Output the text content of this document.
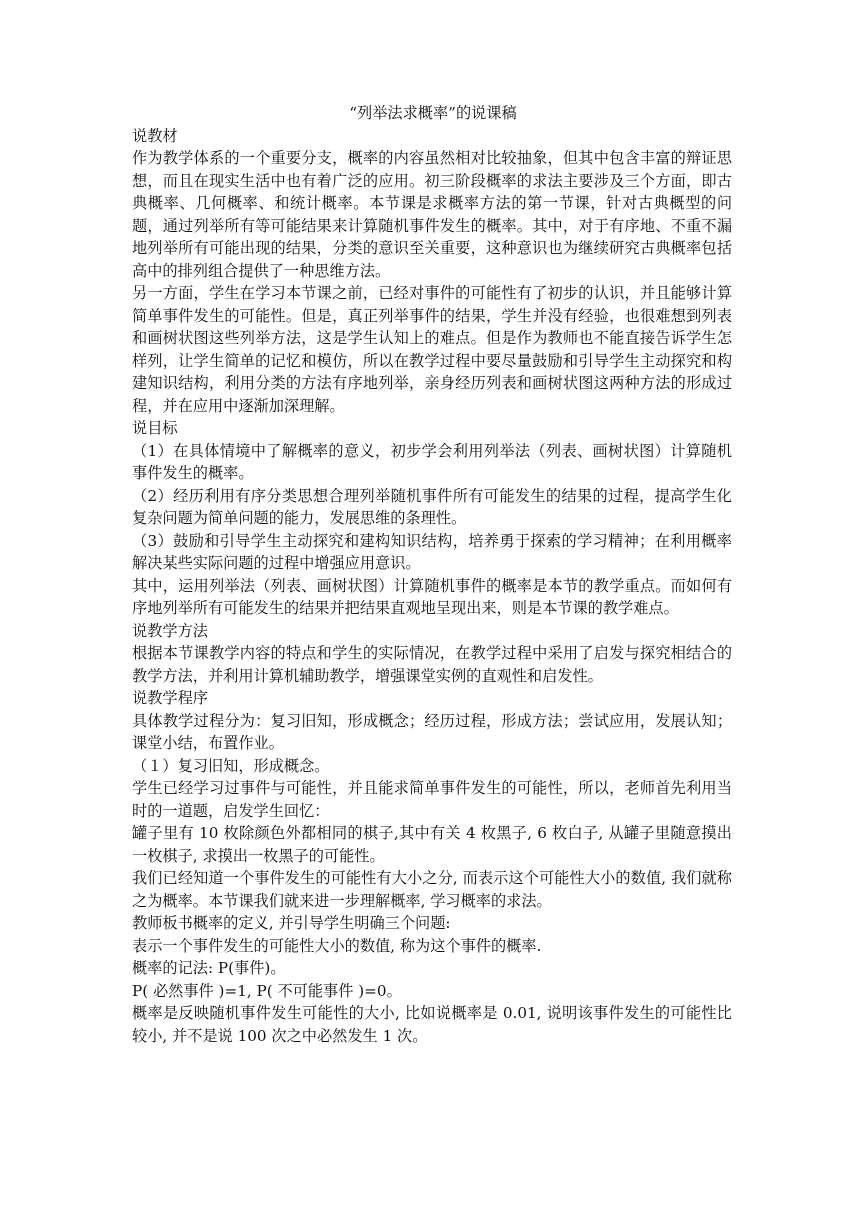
“列举法求概率”的说课稿

说教材

作为教学体系的一个重要分支，概率的内容虽然相对比较抽象，但其中包含丰富的辩证思想，而且在现实生活中也有着广泛的应用。初三阶段概率的求法主要涉及三个方面，即古典概率、几何概率、和统计概率。本节课是求概率方法的第一节课，针对古典概型的问题，通过列举所有等可能结果来计算随机事件发生的概率。其中，对于有序地、不重不漏地列举所有可能出现的结果，分类的意识至关重要，这种意识也为继续研究古典概率包括高中的排列组合提供了一种思维方法。

另一方面，学生在学习本节课之前，已经对事件的可能性有了初步的认识，并且能够计算简单事件发生的可能性。但是，真正列举事件的结果，学生并没有经验，也很难想到列表和画树状图这些列举方法，这是学生认知上的难点。但是作为教师也不能直接告诉学生怎样列，让学生简单的记忆和模仿，所以在教学过程中要尽量鼓励和引导学生主动探究和构建知识结构，利用分类的方法有序地列举，亲身经历列表和画树状图这两种方法的形成过程，并在应用中逐渐加深理解。

说目标

（1）在具体情境中了解概率的意义，初步学会利用列举法（列表、画树状图）计算随机事件发生的概率。

（2）经历利用有序分类思想合理列举随机事件所有可能发生的结果的过程，提高学生化复杂问题为简单问题的能力，发展思维的条理性。

（3）鼓励和引导学生主动探究和建构知识结构，培养勇于探索的学习精神；在利用概率解决某些实际问题的过程中增强应用意识。

其中，运用列举法（列表、画树状图）计算随机事件的概率是本节的教学重点。而如何有序地列举所有可能发生的结果并把结果直观地呈现出来，则是本节课的教学难点。

说教学方法

根据本节课教学内容的特点和学生的实际情况，在教学过程中采用了启发与探究相结合的教学方法，并利用计算机辅助教学，增强课堂实例的直观性和启发性。

说教学程序

具体教学过程分为：复习旧知，形成概念；经历过程，形成方法；尝试应用，发展认知；课堂小结，布置作业。

（１）复习旧知，形成概念。

学生已经学习过事件与可能性，并且能求简单事件发生的可能性，所以，老师首先利用当时的一道题，启发学生回忆：

罐子里有 10 枚除颜色外都相同的棋子,其中有关 4 枚黑子, 6 枚白子, 从罐子里随意摸出一枚棋子, 求摸出一枚黑子的可能性。

我们已经知道一个事件发生的可能性有大小之分, 而表示这个可能性大小的数值, 我们就称之为概率。本节课我们就来进一步理解概率, 学习概率的求法。

教师板书概率的定义, 并引导学生明确三个问题:

表示一个事件发生的可能性大小的数值, 称为这个事件的概率.

概率的记法: P(事件)。

P( 必然事件 )=1, P( 不可能事件 )=0。

概率是反映随机事件发生可能性的大小, 比如说概率是 0.01, 说明该事件发生的可能性比较小, 并不是说 100 次之中必然发生 1 次。
